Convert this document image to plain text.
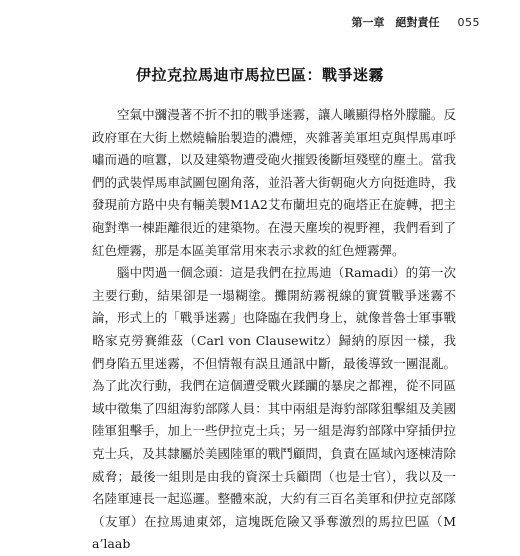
第一章　絕對責任 055
伊拉克拉馬迪市馬拉巴區：戰爭迷霧

空氣中瀰漫著不折不扣的戰爭迷霧，讓人曦顯得格外朦朧。反政府軍在大街上燃燒輪胎製造的濃煙，夾雜著美軍坦克與悍馬車呼嘯而過的喧囂，以及建築物遭受砲火摧毀後斷垣殘壁的塵土。當我們的武裝悍馬車試圖包圍角落，並沿著大街朝砲火方向挺進時，我發現前方路中央有輛美製M1A2艾布蘭坦克的砲塔正在旋轉，把主砲對準一棟距離很近的建築物。在漫天塵埃的視野裡，我們看到了紅色煙霧，那是本區美軍常用來表示求救的紅色煙霧彈。

腦中閃過一個念頭：這是我們在拉馬迪（Ramadi）的第一次主要行動，結果卻是一塌糊塗。攤開紡霧視線的實質戰爭迷霧不論，形式上的「戰爭迷霧」也降臨在我們身上，就像普魯士軍事戰略家克勞賽維茲（Carl von Clausewitz）歸納的原因一樣，我們身陷五里迷霧，不但情報有誤且通訊中斷，最後導致一團混亂。為了此次行動，我們在這個遭受戰火蹂躪的暴戾之都裡，從不同區域中徵集了四組海豹部隊人員：其中兩組是海豹部隊狙擊組及美國陸軍狙擊手，加上一些伊拉克士兵；另一組是海豹部隊中穿插伊拉克士兵，及其隸屬於美國陸軍的戰鬥顧問，負責在區域內逐棟清除威脅；最後一組則是由我的資深士兵顧問（也是士官），我以及一名陸軍連長一起巡邏。整體來說，大約有三百名美軍和伊拉克部隊（友軍）在拉馬迪東郊，這塊既危險又爭奪激烈的馬拉巴區（Ma’laab
